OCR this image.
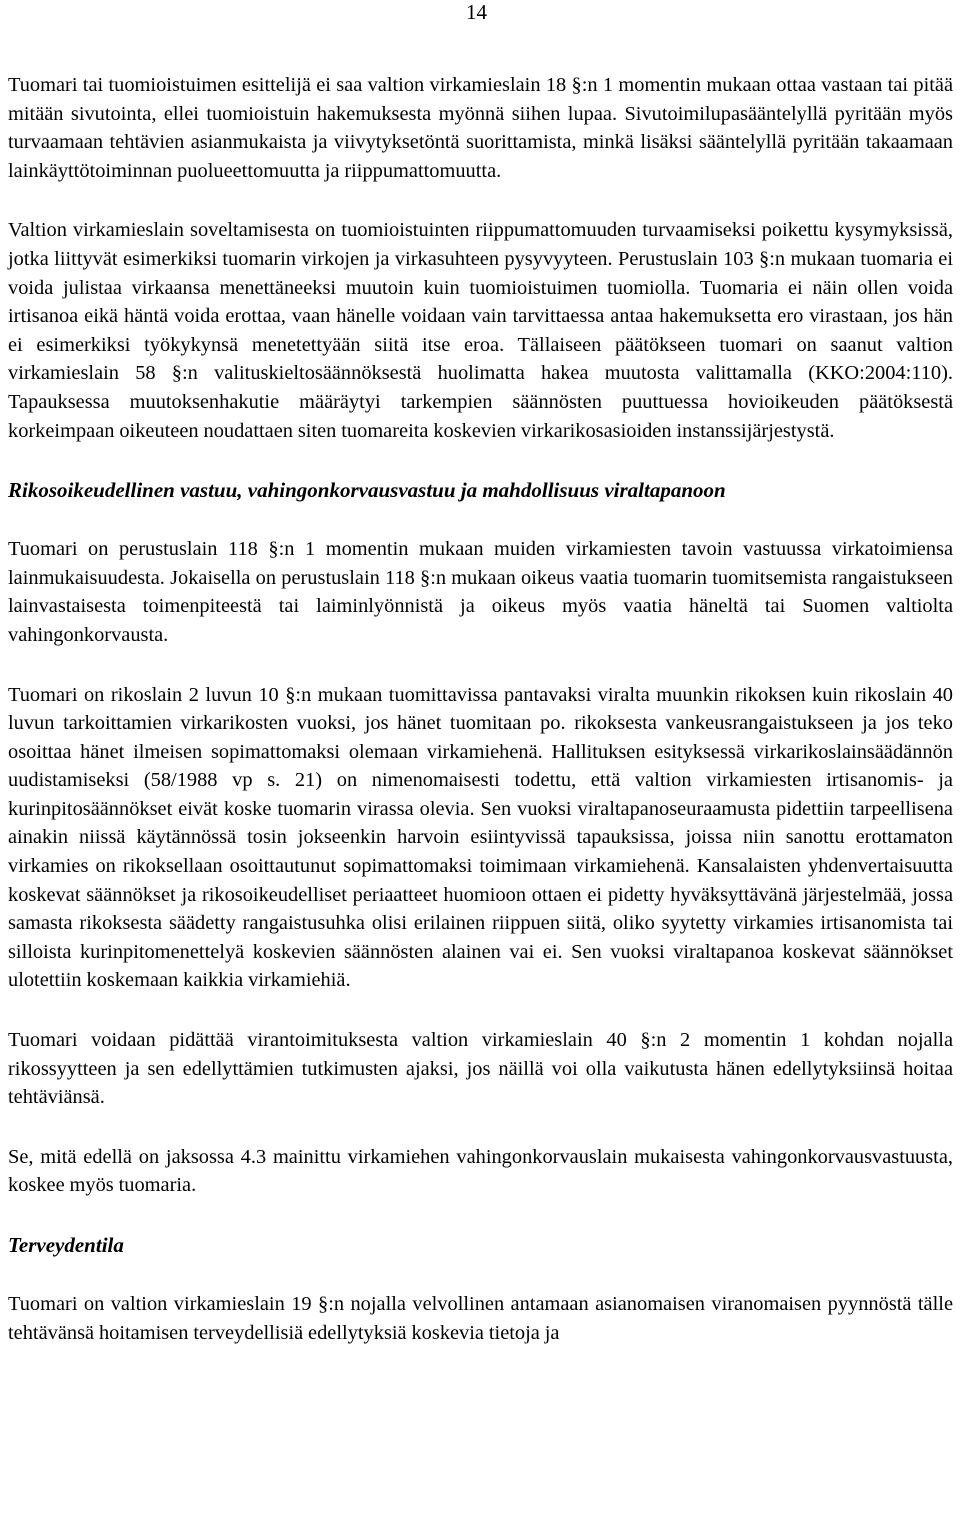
14

Tuomari tai tuomioistuimen esittelijä ei saa valtion virkamieslain 18 §:n 1 momentin mukaan ottaa vastaan tai pitää mitään sivutointa, ellei tuomioistuin hakemuksesta myönnä siihen lupaa. Sivutoimilupasääntelyllä pyritään myös turvaamaan tehtävien asianmukaista ja viivytyksetöntä suorittamista, minkä lisäksi sääntelyllä pyritään takaamaan lainkäyttötoiminnan puolueettomuutta ja riippumattomuutta.

Valtion virkamieslain soveltamisesta on tuomioistuinten riippumattomuuden turvaamiseksi poikettu kysymyksissä, jotka liittyvät esimerkiksi tuomarin virkojen ja virkasuhteen pysyvyyteen. Perustuslain 103 §:n mukaan tuomaria ei voida julistaa virkaansa menettäneeksi muutoin kuin tuomioistuimen tuomiolla. Tuomaria ei näin ollen voida irtisanoa eikä häntä voida erottaa, vaan hänelle voidaan vain tarvittaessa antaa hakemuksetta ero virastaan, jos hän ei esimerkiksi työkykynsä menetettyään siitä itse eroa. Tällaiseen päätökseen tuomari on saanut valtion virkamieslain 58 §:n valituskieltosäännöksestä huolimatta hakea muutosta valittamalla (KKO:2004:110). Tapauksessa muutoksenhakutie määräytyi tarkempien säännösten puuttuessa hovioikeuden päätöksestä korkeimpaan oikeuteen noudattaen siten tuomareita koskevien virkarikosasioiden instanssijärjestystä.

Rikosoikeudellinen vastuu, vahingonkorvausvastuu ja mahdollisuus viraltapanoon

Tuomari on perustuslain 118 §:n 1 momentin mukaan muiden virkamiesten tavoin vastuussa virkatoimiensa lainmukaisuudesta. Jokaisella on perustuslain 118 §:n mukaan oikeus vaatia tuomarin tuomitsemista rangaistukseen lainvastaisesta toimenpiteestä tai laiminlyönnistä ja oikeus myös vaatia häneltä tai Suomen valtiolta vahingonkorvausta.

Tuomari on rikoslain 2 luvun 10 §:n mukaan tuomittavissa pantavaksi viralta muunkin rikoksen kuin rikoslain 40 luvun tarkoittamien virkarikosten vuoksi, jos hänet tuomitaan po. rikoksesta vankeusrangaistukseen ja jos teko osoittaa hänet ilmeisen sopimattomaksi olemaan virkamiehenä. Hallituksen esityksessä virkarikoslainsäädännön uudistamiseksi (58/1988 vp s. 21) on nimenomaisesti todettu, että valtion virkamiesten irtisanomis- ja kurinpitosäännökset eivät koske tuomarin virassa olevia. Sen vuoksi viraltapanoseuraamusta pidettiin tarpeellisena ainakin niissä käytännössä tosin jokseenkin harvoin esiintyvissä tapauksissa, joissa niin sanottu erottamaton virkamies on rikoksellaan osoittautunut sopimattomaksi toimimaan virkamiehenä. Kansalaisten yhdenvertaisuutta koskevat säännökset ja rikosoikeudelliset periaatteet huomioon ottaen ei pidetty hyväksyttävänä järjestelmää, jossa samasta rikoksesta säädetty rangaistusuhka olisi erilainen riippuen siitä, oliko syytetty virkamies irtisanomista tai silloista kurinpitomenettelyä koskevien säännösten alainen vai ei. Sen vuoksi viraltapanoa koskevat säännökset ulotettiin koskemaan kaikkia virkamiehiä.

Tuomari voidaan pidättää virantoimituksesta valtion virkamieslain 40 §:n 2 momentin 1 kohdan nojalla rikossyytteen ja sen edellyttämien tutkimusten ajaksi, jos näillä voi olla vaikutusta hänen edellytyksiinsä hoitaa tehtäviänsä.

Se, mitä edellä on jaksossa 4.3 mainittu virkamiehen vahingonkorvauslain mukaisesta vahingonkorvausvastuusta, koskee myös tuomaria.

Terveydentila

Tuomari on valtion virkamieslain 19 §:n nojalla velvollinen antamaan asianomaisen viranomaisen pyynnöstä tälle tehtävänsä hoitamisen terveydellisiä edellytyksiä koskevia tietoja ja
